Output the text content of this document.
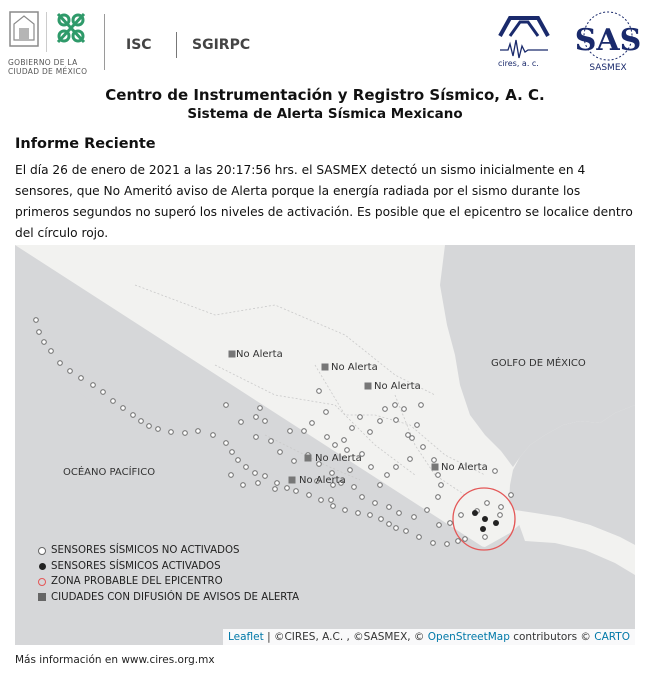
GOBIERNO DE LA
CIUDAD DE MÉXICO
ISC	SGIRPC
cires, a. c.
SAS
SASMEX
Centro de Instrumentación y Registro Sísmico, A. C.
Sistema de Alerta Sísmica Mexicano
Informe Reciente
El día 26 de enero de 2021 a las 20:17:56 hrs. el SASMEX detectó un sismo inicialmente en 4 sensores, que No Ameritó aviso de Alerta porque la energía radiada por el sismo durante los primeros segundos no superó los niveles de activación. Es posible que el epicentro se localice dentro del círculo rojo.
GOLFO DE MÉXICO
OCÉANO PACÍFICO
No Alerta
No Alerta
No Alerta
No Alerta
No Alerta
No Alerta
SENSORES SÍSMICOS NO ACTIVADOS
SENSORES SÍSMICOS ACTIVADOS
ZONA PROBABLE DEL EPICENTRO
CIUDADES CON DIFUSIÓN DE AVISOS DE ALERTA
Leaflet | ©CIRES, A.C. , ©SASMEX, © OpenStreetMap contributors © CARTO
Más información en www.cires.org.mx
